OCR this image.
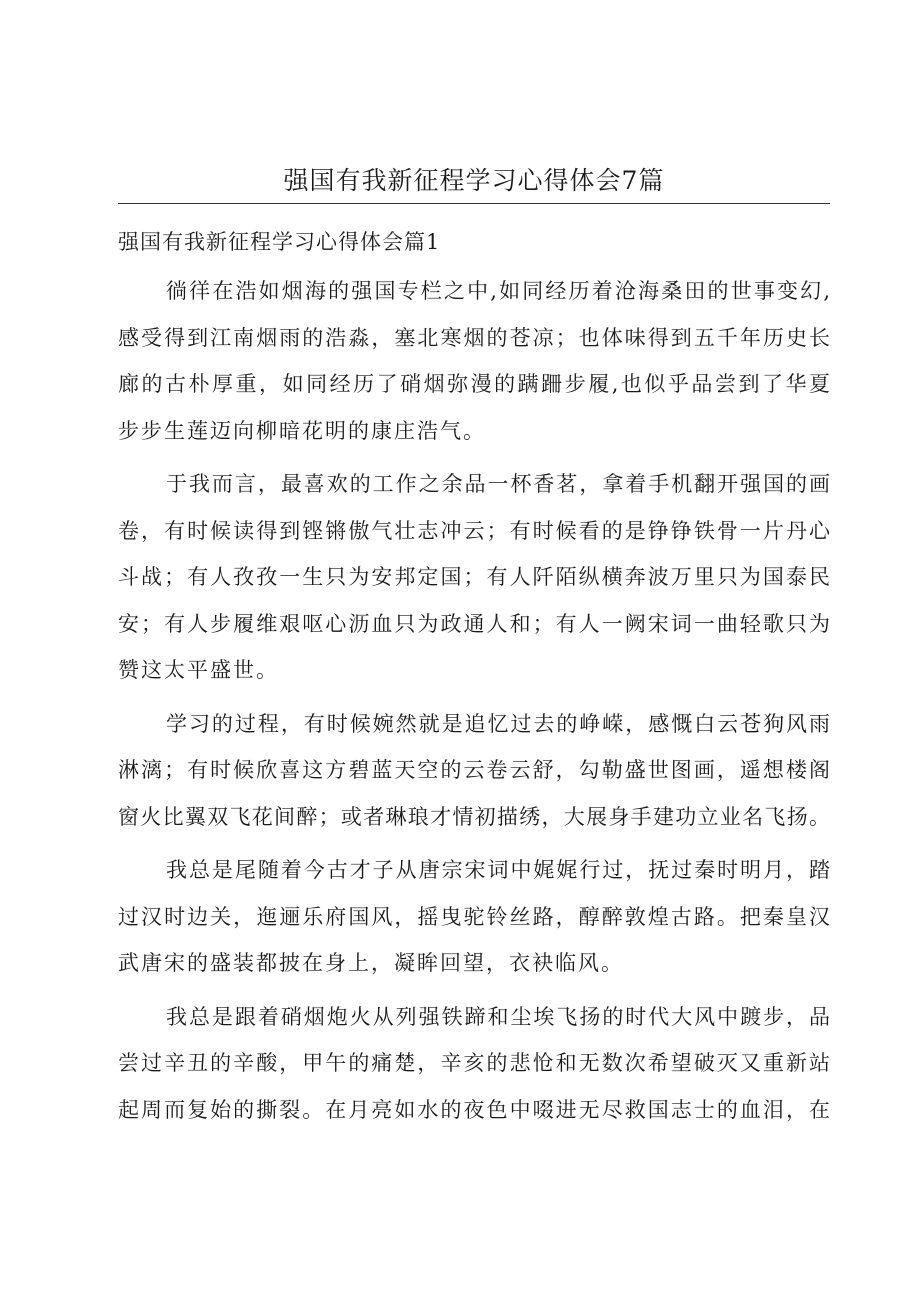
强国有我新征程学习心得体会7篇
强国有我新征程学习心得体会篇1
徜徉在浩如烟海的强国专栏之中,如同经历着沧海桑田的世事变幻,
感受得到江南烟雨的浩淼，塞北寒烟的苍凉；也体味得到五千年历史长
廊的古朴厚重，如同经历了硝烟弥漫的蹒跚步履,也似乎品尝到了华夏
步步生莲迈向柳暗花明的康庄浩气。
于我而言，最喜欢的工作之余品一杯香茗，拿着手机翻开强国的画
卷，有时候读得到铿锵傲气壮志冲云；有时候看的是铮铮铁骨一片丹心
斗战；有人孜孜一生只为安邦定国；有人阡陌纵横奔波万里只为国泰民
安；有人步履维艰呕心沥血只为政通人和；有人一阙宋词一曲轻歌只为
赞这太平盛世。
学习的过程，有时候婉然就是追忆过去的峥嵘，感慨白云苍狗风雨
淋漓；有时候欣喜这方碧蓝天空的云卷云舒，勾勒盛世图画，遥想楼阁
窗火比翼双飞花间醉；或者琳琅才情初描绣，大展身手建功立业名飞扬。
我总是尾随着今古才子从唐宗宋词中娓娓行过，抚过秦时明月，踏
过汉时边关，迤逦乐府国风，摇曳驼铃丝路，醇醉敦煌古路。把秦皇汉
武唐宋的盛装都披在身上，凝眸回望，衣袂临风。
我总是跟着硝烟炮火从列强铁蹄和尘埃飞扬的时代大风中踱步，品
尝过辛丑的辛酸，甲午的痛楚，辛亥的悲怆和无数次希望破灭又重新站
起周而复始的撕裂。在月亮如水的夜色中啜进无尽救国志士的血泪，在
